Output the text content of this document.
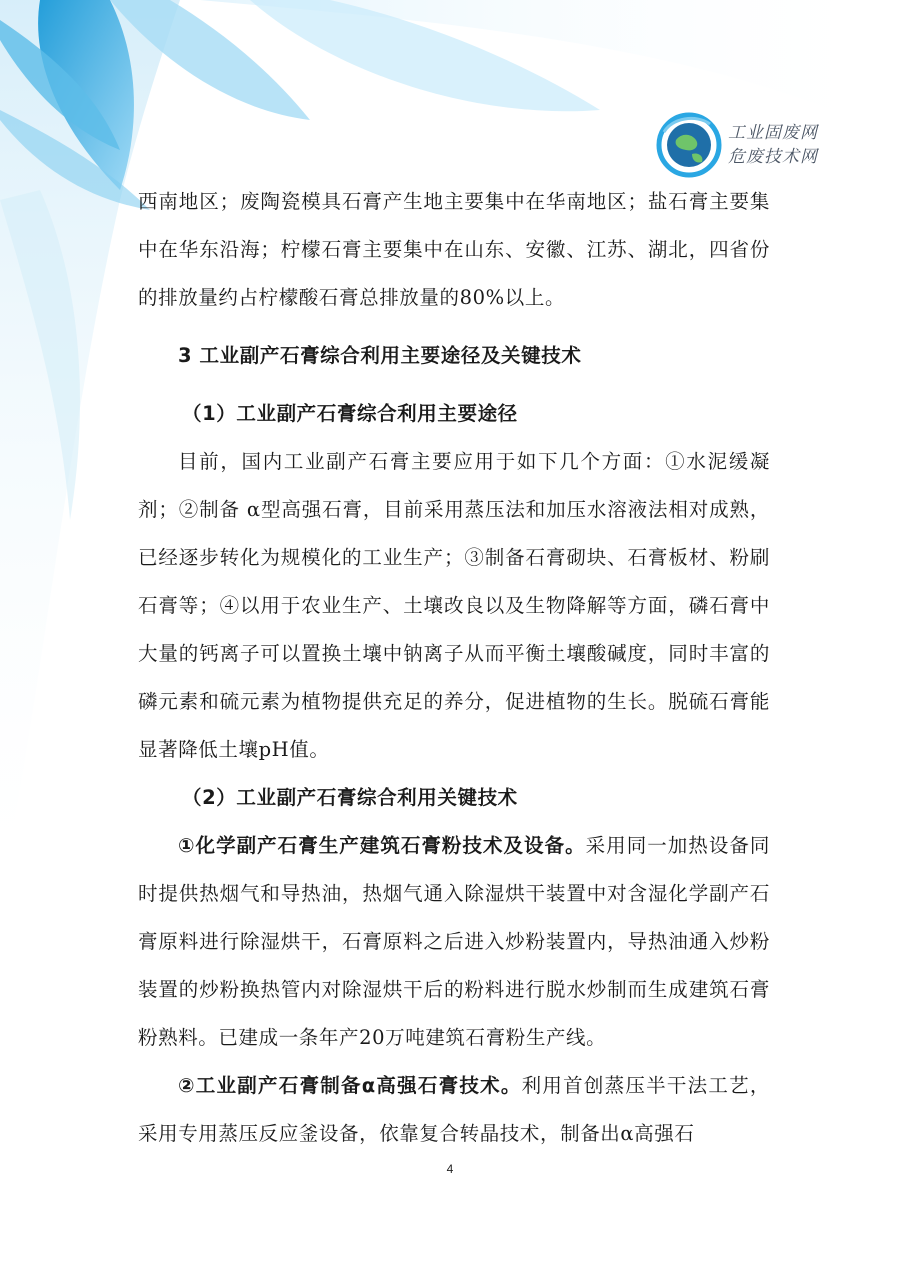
工业固废网
危废技术网

西南地区；废陶瓷模具石膏产生地主要集中在华南地区；盐石膏主要集中在华东沿海；柠檬石膏主要集中在山东、安徽、江苏、湖北，四省份的排放量约占柠檬酸石膏总排放量的80%以上。

3 工业副产石膏综合利用主要途径及关键技术

（1）工业副产石膏综合利用主要途径

目前，国内工业副产石膏主要应用于如下几个方面：①水泥缓凝剂；②制备 α型高强石膏，目前采用蒸压法和加压水溶液法相对成熟，已经逐步转化为规模化的工业生产；③制备石膏砌块、石膏板材、粉刷石膏等；④以用于农业生产、土壤改良以及生物降解等方面，磷石膏中大量的钙离子可以置换土壤中钠离子从而平衡土壤酸碱度，同时丰富的磷元素和硫元素为植物提供充足的养分，促进植物的生长。脱硫石膏能显著降低土壤pH值。

（2）工业副产石膏综合利用关键技术

①化学副产石膏生产建筑石膏粉技术及设备。采用同一加热设备同时提供热烟气和导热油，热烟气通入除湿烘干装置中对含湿化学副产石膏原料进行除湿烘干，石膏原料之后进入炒粉装置内，导热油通入炒粉装置的炒粉换热管内对除湿烘干后的粉料进行脱水炒制而生成建筑石膏粉熟料。已建成一条年产20万吨建筑石膏粉生产线。

②工业副产石膏制备α高强石膏技术。利用首创蒸压半干法工艺，采用专用蒸压反应釜设备，依靠复合转晶技术，制备出α高强石

4
